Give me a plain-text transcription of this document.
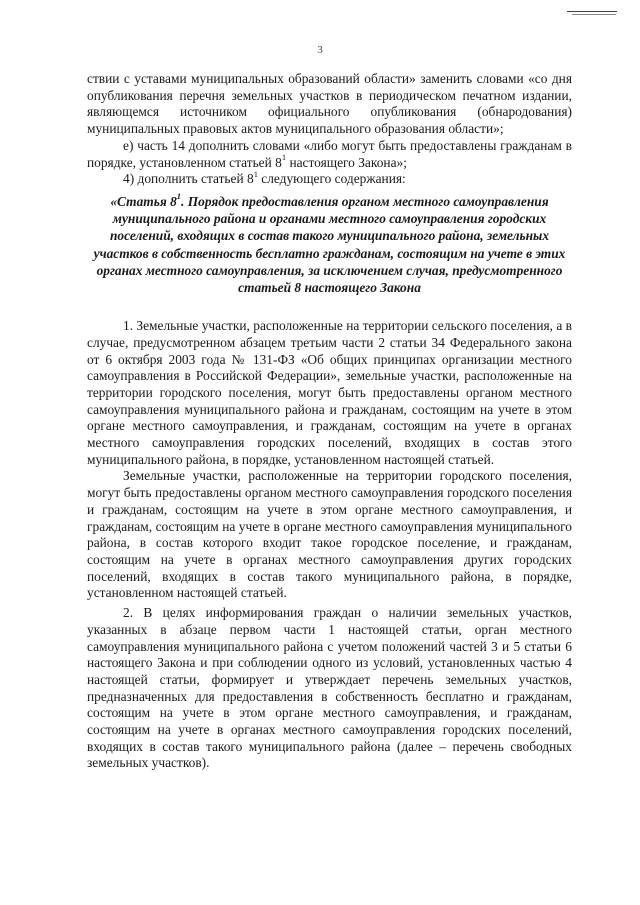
3

ствии с уставами муниципальных образований области» заменить словами «со дня опубликования перечня земельных участков в периодическом печатном издании, являющемся источником официального опубликования (обнародования) муниципальных правовых актов муниципального образования области»;

е) часть 14 дополнить словами «либо могут быть предоставлены гражданам в порядке, установленном статьей $8^1$ настоящего Закона»;

4) дополнить статьей $8^1$ следующего содержания:

«Статья $8^1$. Порядок предоставления органом местного самоуправления муниципального района и органами местного самоуправления городских поселений, входящих в состав такого муниципального района, земельных участков в собственность бесплатно гражданам, состоящим на учете в этих органах местного самоуправления, за исключением случая, предусмотренного статьей 8 настоящего Закона

1. Земельные участки, расположенные на территории сельского поселения, а в случае, предусмотренном абзацем третьим части 2 статьи 34 Федерального закона от 6 октября 2003 года № 131-ФЗ «Об общих принципах организации местного самоуправления в Российской Федерации», земельные участки, расположенные на территории городского поселения, могут быть предоставлены органом местного самоуправления муниципального района и гражданам, состоящим на учете в этом органе местного самоуправления, и гражданам, состоящим на учете в органах местного самоуправления городских поселений, входящих в состав этого муниципального района, в порядке, установленном настоящей статьей.

Земельные участки, расположенные на территории городского поселения, могут быть предоставлены органом местного самоуправления городского поселения и гражданам, состоящим на учете в этом органе местного самоуправления, и гражданам, состоящим на учете в органе местного самоуправления муниципального района, в состав которого входит такое городское поселение, и гражданам, состоящим на учете в органах местного самоуправления других городских поселений, входящих в состав такого муниципального района, в порядке, установленном настоящей статьей.

2. В целях информирования граждан о наличии земельных участков, указанных в абзаце первом части 1 настоящей статьи, орган местного самоуправления муниципального района с учетом положений частей 3 и 5 статьи 6 настоящего Закона и при соблюдении одного из условий, установленных частью 4 настоящей статьи, формирует и утверждает перечень земельных участков, предназначенных для предоставления в собственность бесплатно и гражданам, состоящим на учете в этом органе местного самоуправления, и гражданам, состоящим на учете в органах местного самоуправления городских поселений, входящих в состав такого муниципального района (далее – перечень свободных земельных участков).
